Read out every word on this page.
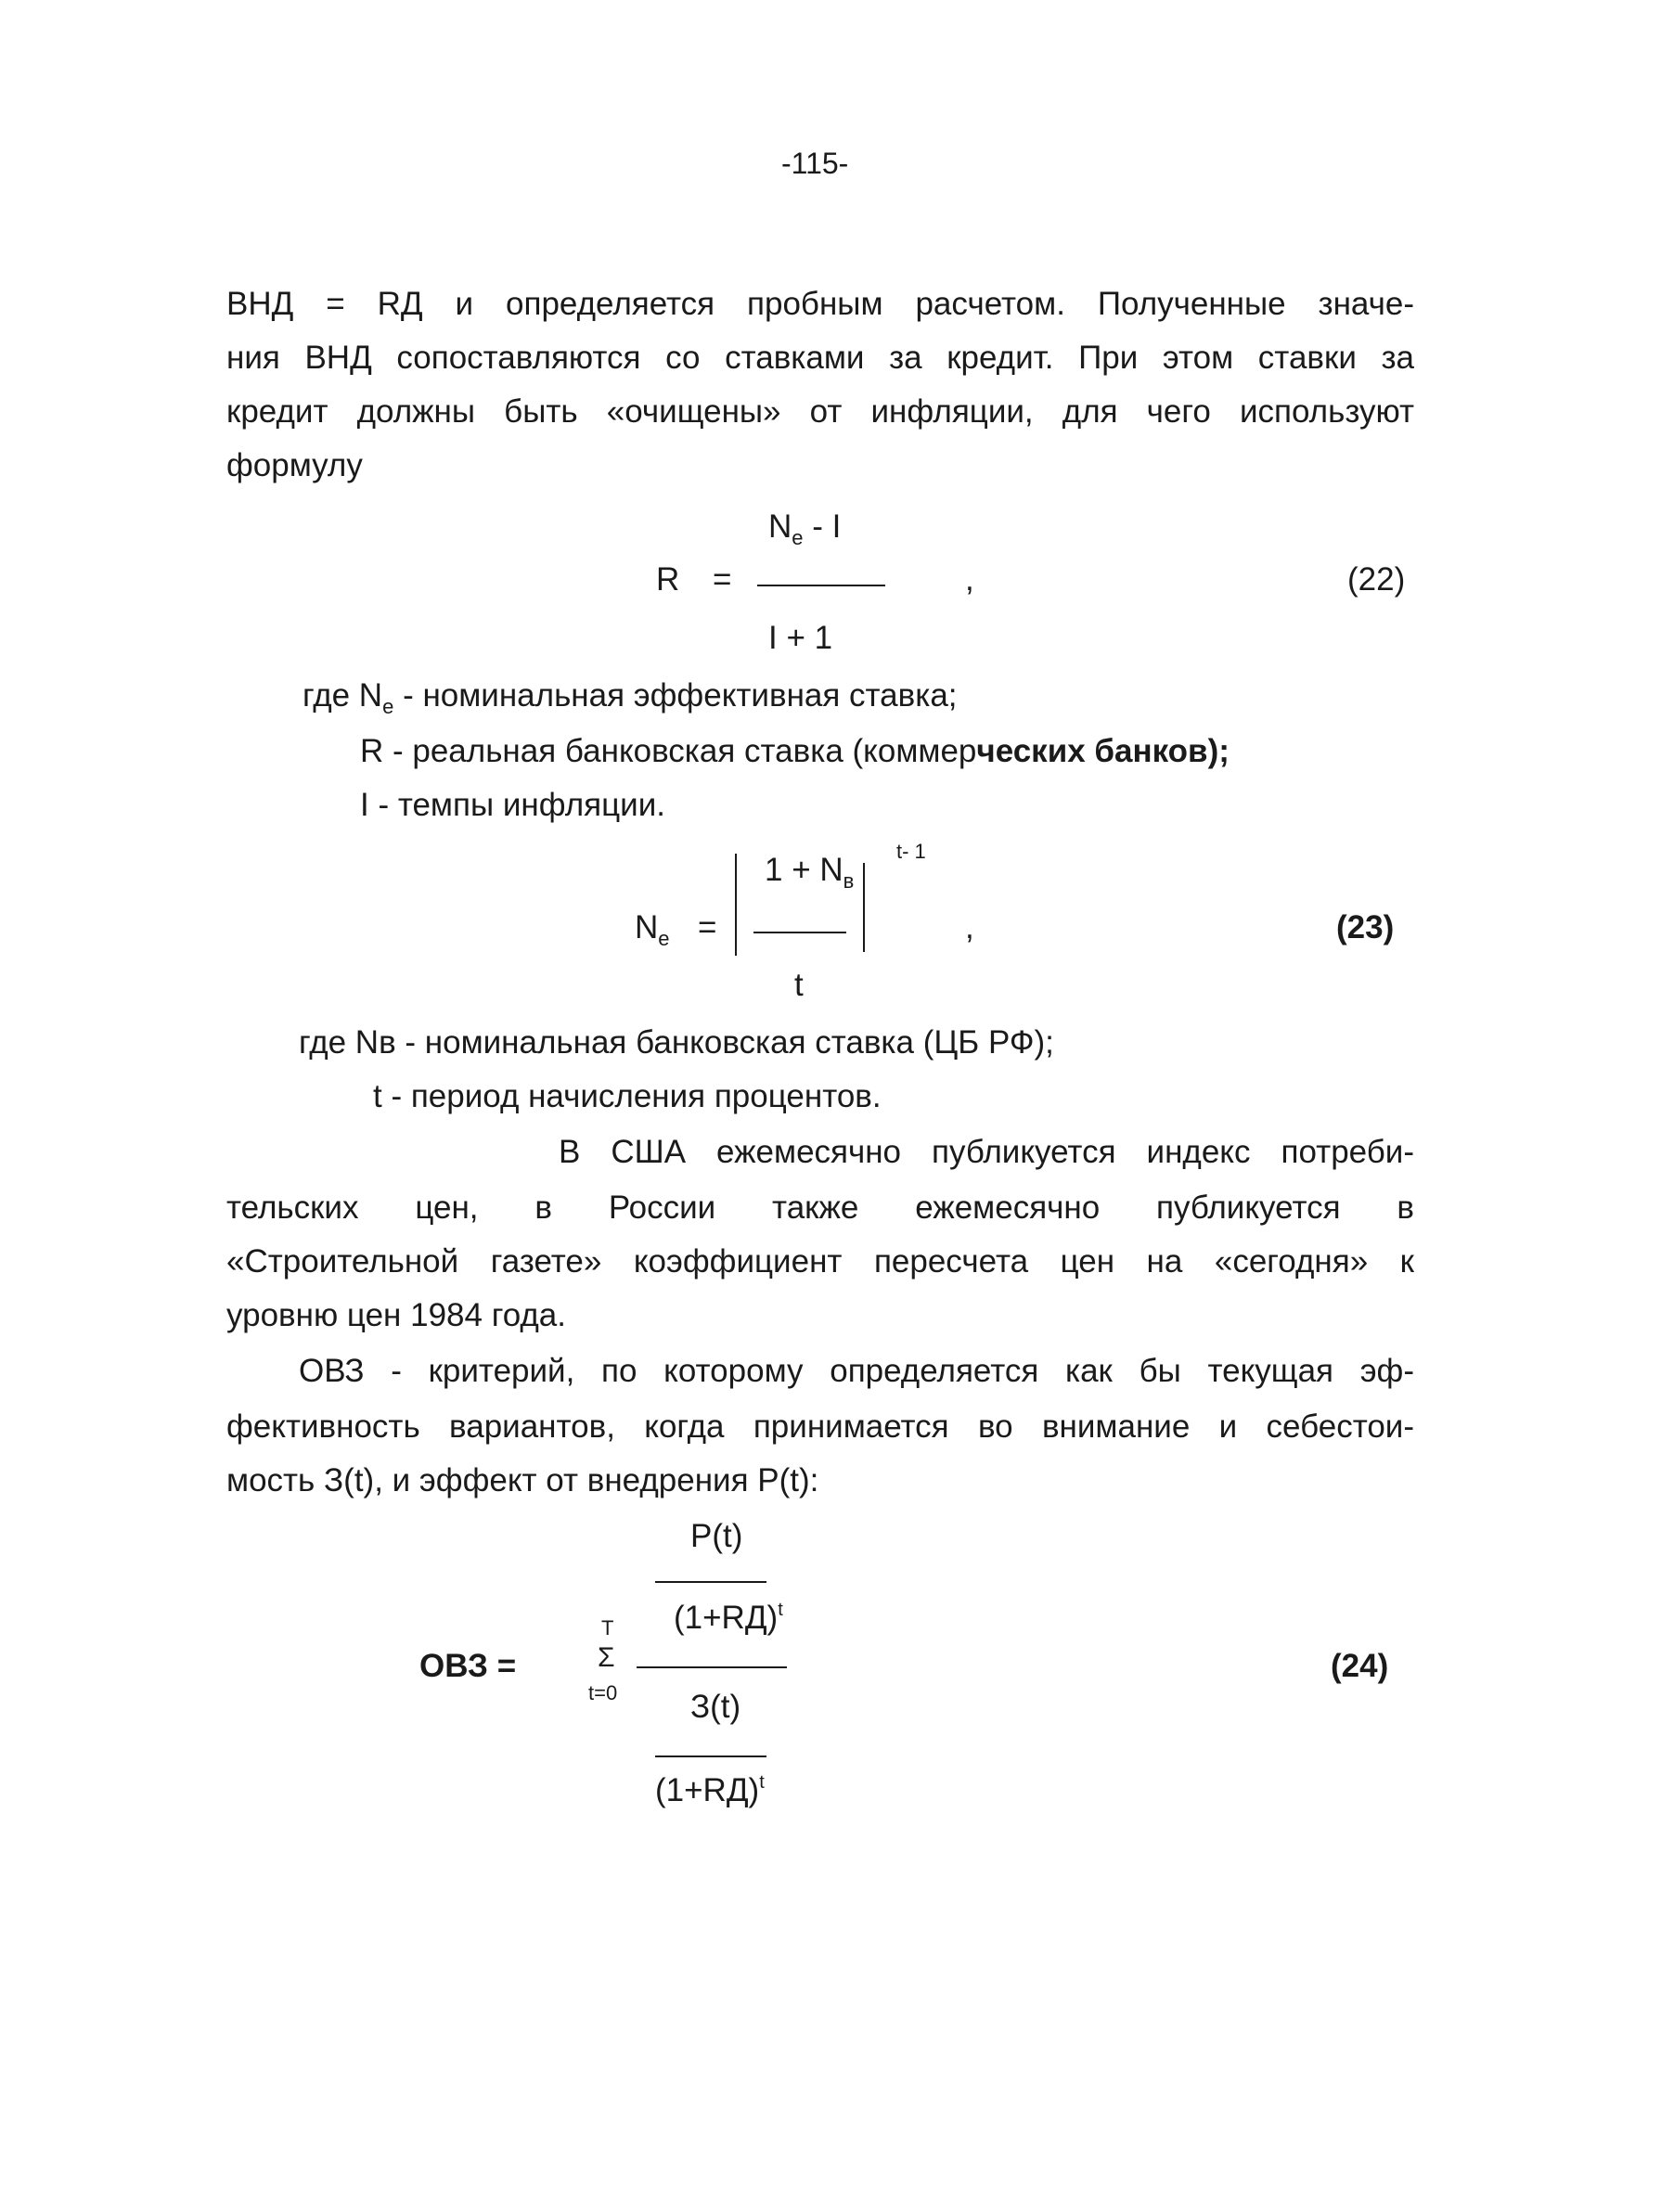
-115-
ВНД = RД и определяется пробным расчетом. Полученные значе-
ния ВНД сопоставляются со ставками за кредит. При этом ставки за
кредит должны быть «очищены» от инфляции, для чего используют
формулу
R =
$N_e$ - I
I + 1
,	(22)
где $N_e$ - номинальная эффективная ставка;
R - реальная банковская ставка (коммерческих банков);
I - темпы инфляции.
$N_e$ =
$1 + N_в$
t- 1
t
,	(23)
где Nв - номинальная банковская ставка (ЦБ РФ);
t - период начисления процентов.
В США ежемесячно публикуется индекс потреби-
тельских цен, в России также ежемесячно публикуется в
«Строительной газете» коэффициент пересчета цен на «сегодня» к
уровню цен 1984 года.
ОВЗ - критерий, по которому определяется как бы текущая эф-
фективность вариантов, когда принимается во внимание и себестои-
мость З(t), и эффект от внедрения P(t):
ОВЗ =
T
Σ
t=0
P(t)
$(1+RД)^t$
З(t)
$(1+RД)^t$
(24)
